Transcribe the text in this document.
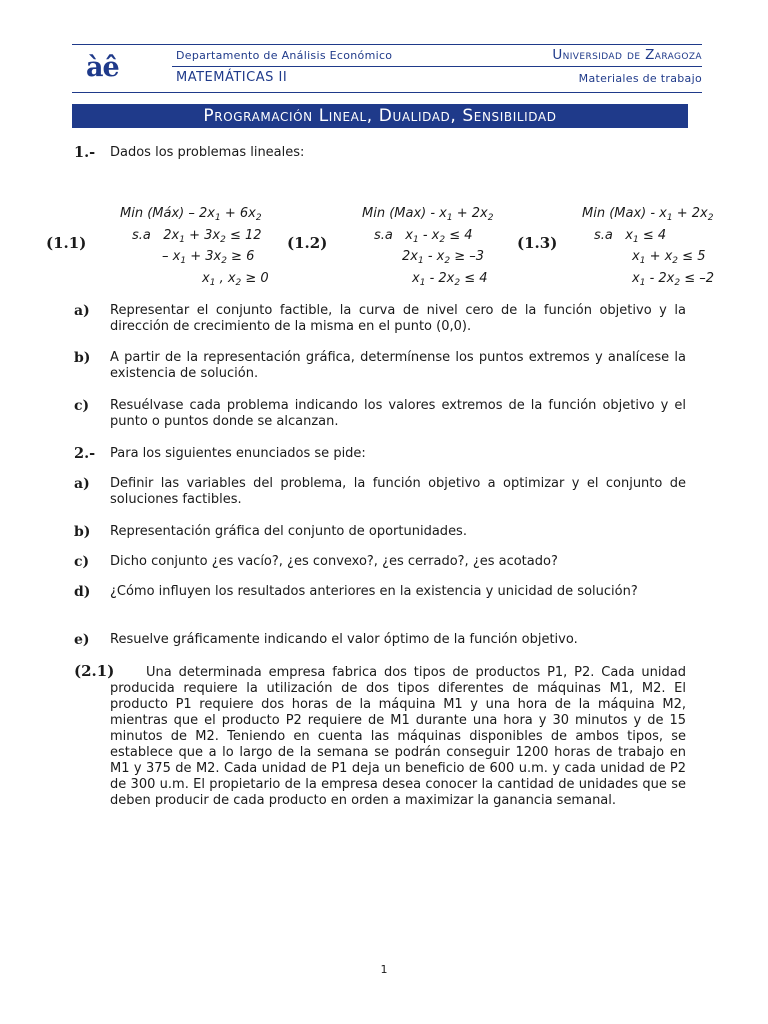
àê	Departamento de Análisis Económico	Universidad de Zaragoza
MATEMÁTICAS II	Materiales de trabajo
Programación Lineal, Dualidad, Sensibilidad
1.- Dados los problemas lineales:
(1.1)
Min (Máx) – $2x_1 + 6x_2$
s.a   $2x_1 + 3x_2 \le 12$
– $x_1 + 3x_2 \ge 6$
$x_1$ , $x_2 \ge 0$
(1.2)
Min $(Max) - x_1 + 2x_2$
s.a   $x_1 - x_2 \le 4$
$2x_1 - x_2 \ge -3$
$x_1 - 2x_2 \le 4$
(1.3)
Min $(Max) - x_1 + 2x_2$
s.a   $x_1 \le 4$
$x_1 + x_2 \le 5$
$x_1 - 2x_2 \le -2$
a) Representar el conjunto factible, la curva de nivel cero de la función objetivo y la dirección de crecimiento de la misma en el punto (0,0).
b) A partir de la representación gráfica, determínense los puntos extremos y analícese la existencia de solución.
c) Resuélvase cada problema indicando los valores extremos de la función objetivo y el punto o puntos donde se alcanzan.
2.- Para los siguientes enunciados se pide:
a) Definir las variables del problema, la función objetivo a optimizar y el conjunto de soluciones factibles.
b) Representación gráfica del conjunto de oportunidades.
c) Dicho conjunto ¿es vacío?, ¿es convexo?, ¿es cerrado?, ¿es acotado?
d) ¿Cómo influyen los resultados anteriores en la existencia y unicidad de solución?
e) Resuelve gráficamente indicando el valor óptimo de la función objetivo.
(2.1)	Una determinada empresa fabrica dos tipos de productos P1, P2. Cada unidad producida requiere la utilización de dos tipos diferentes de máquinas M1, M2. El producto P1 requiere dos horas de la máquina M1 y una hora de la máquina M2, mientras que el producto P2 requiere de M1 durante una hora y 30 minutos y de 15 minutos de M2. Teniendo en cuenta las máquinas disponibles de ambos tipos, se establece que a lo largo de la semana se podrán conseguir 1200 horas de trabajo en M1 y 375 de M2. Cada unidad de P1 deja un beneficio de 600 u.m. y cada unidad de P2 de 300 u.m. El propietario de la empresa desea conocer la cantidad de unidades que se deben producir de cada producto en orden a maximizar la ganancia semanal.
1
